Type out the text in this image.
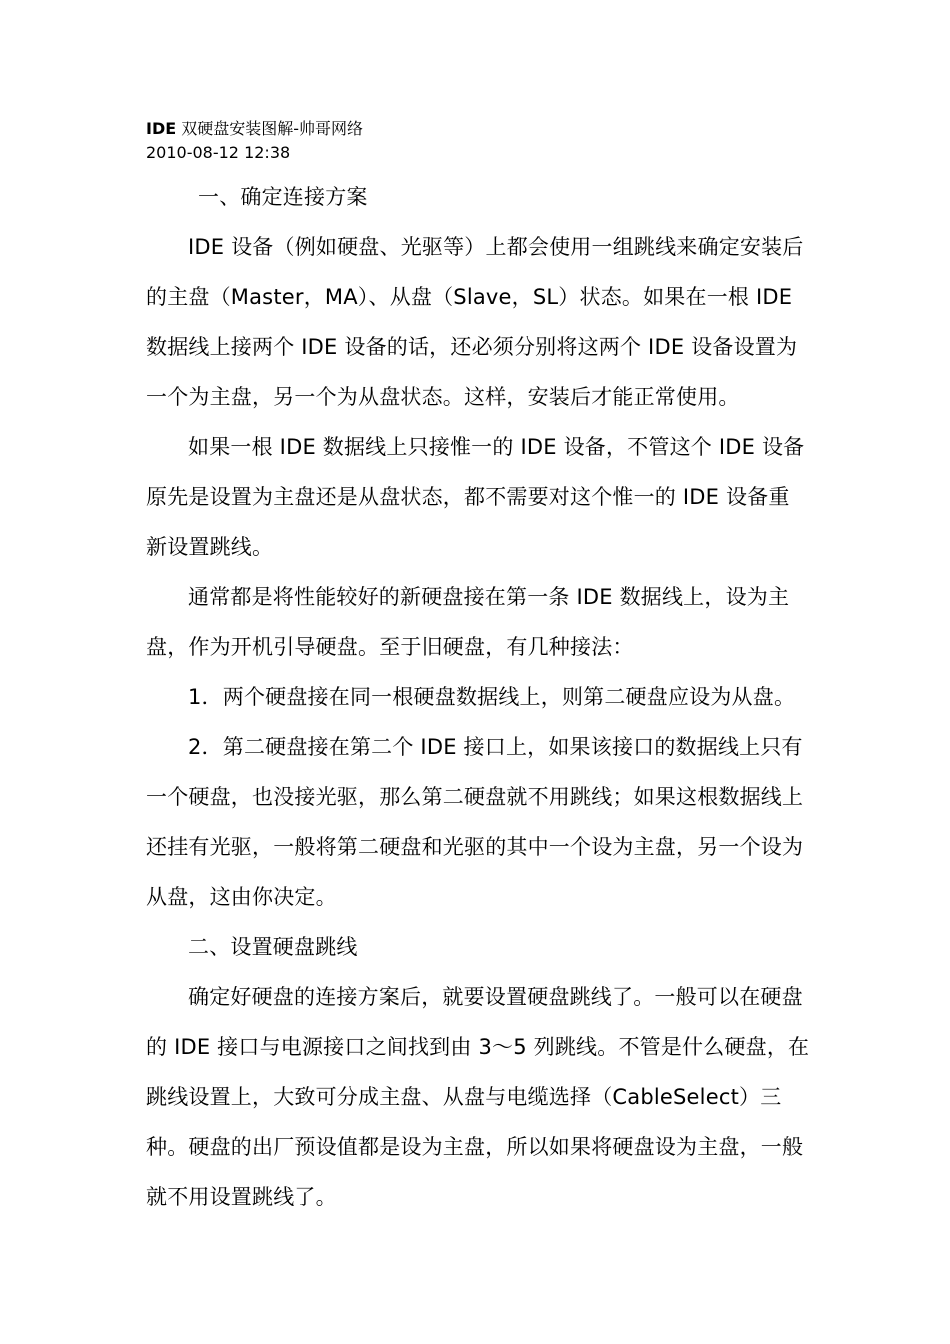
IDE 双硬盘安装图解-帅哥网络
2010-08-12 12:38

一、确定连接方案

IDE 设备（例如硬盘、光驱等）上都会使用一组跳线来确定安装后的主盘（Master，MA）、从盘（Slave，SL）状态。如果在一根 IDE 数据线上接两个 IDE 设备的话，还必须分别将这两个 IDE 设备设置为一个为主盘，另一个为从盘状态。这样，安装后才能正常使用。

如果一根 IDE 数据线上只接惟一的 IDE 设备，不管这个 IDE 设备原先是设置为主盘还是从盘状态，都不需要对这个惟一的 IDE 设备重新设置跳线。

通常都是将性能较好的新硬盘接在第一条 IDE 数据线上，设为主盘，作为开机引导硬盘。至于旧硬盘，有几种接法：

1．两个硬盘接在同一根硬盘数据线上，则第二硬盘应设为从盘。

2．第二硬盘接在第二个 IDE 接口上，如果该接口的数据线上只有一个硬盘，也没接光驱，那么第二硬盘就不用跳线；如果这根数据线上还挂有光驱，一般将第二硬盘和光驱的其中一个设为主盘，另一个设为从盘，这由你决定。

二、设置硬盘跳线

确定好硬盘的连接方案后，就要设置硬盘跳线了。一般可以在硬盘的 IDE 接口与电源接口之间找到由 3～5 列跳线。不管是什么硬盘，在跳线设置上，大致可分成主盘、从盘与电缆选择（CableSelect）三种。硬盘的出厂预设值都是设为主盘，所以如果将硬盘设为主盘，一般就不用设置跳线了。
